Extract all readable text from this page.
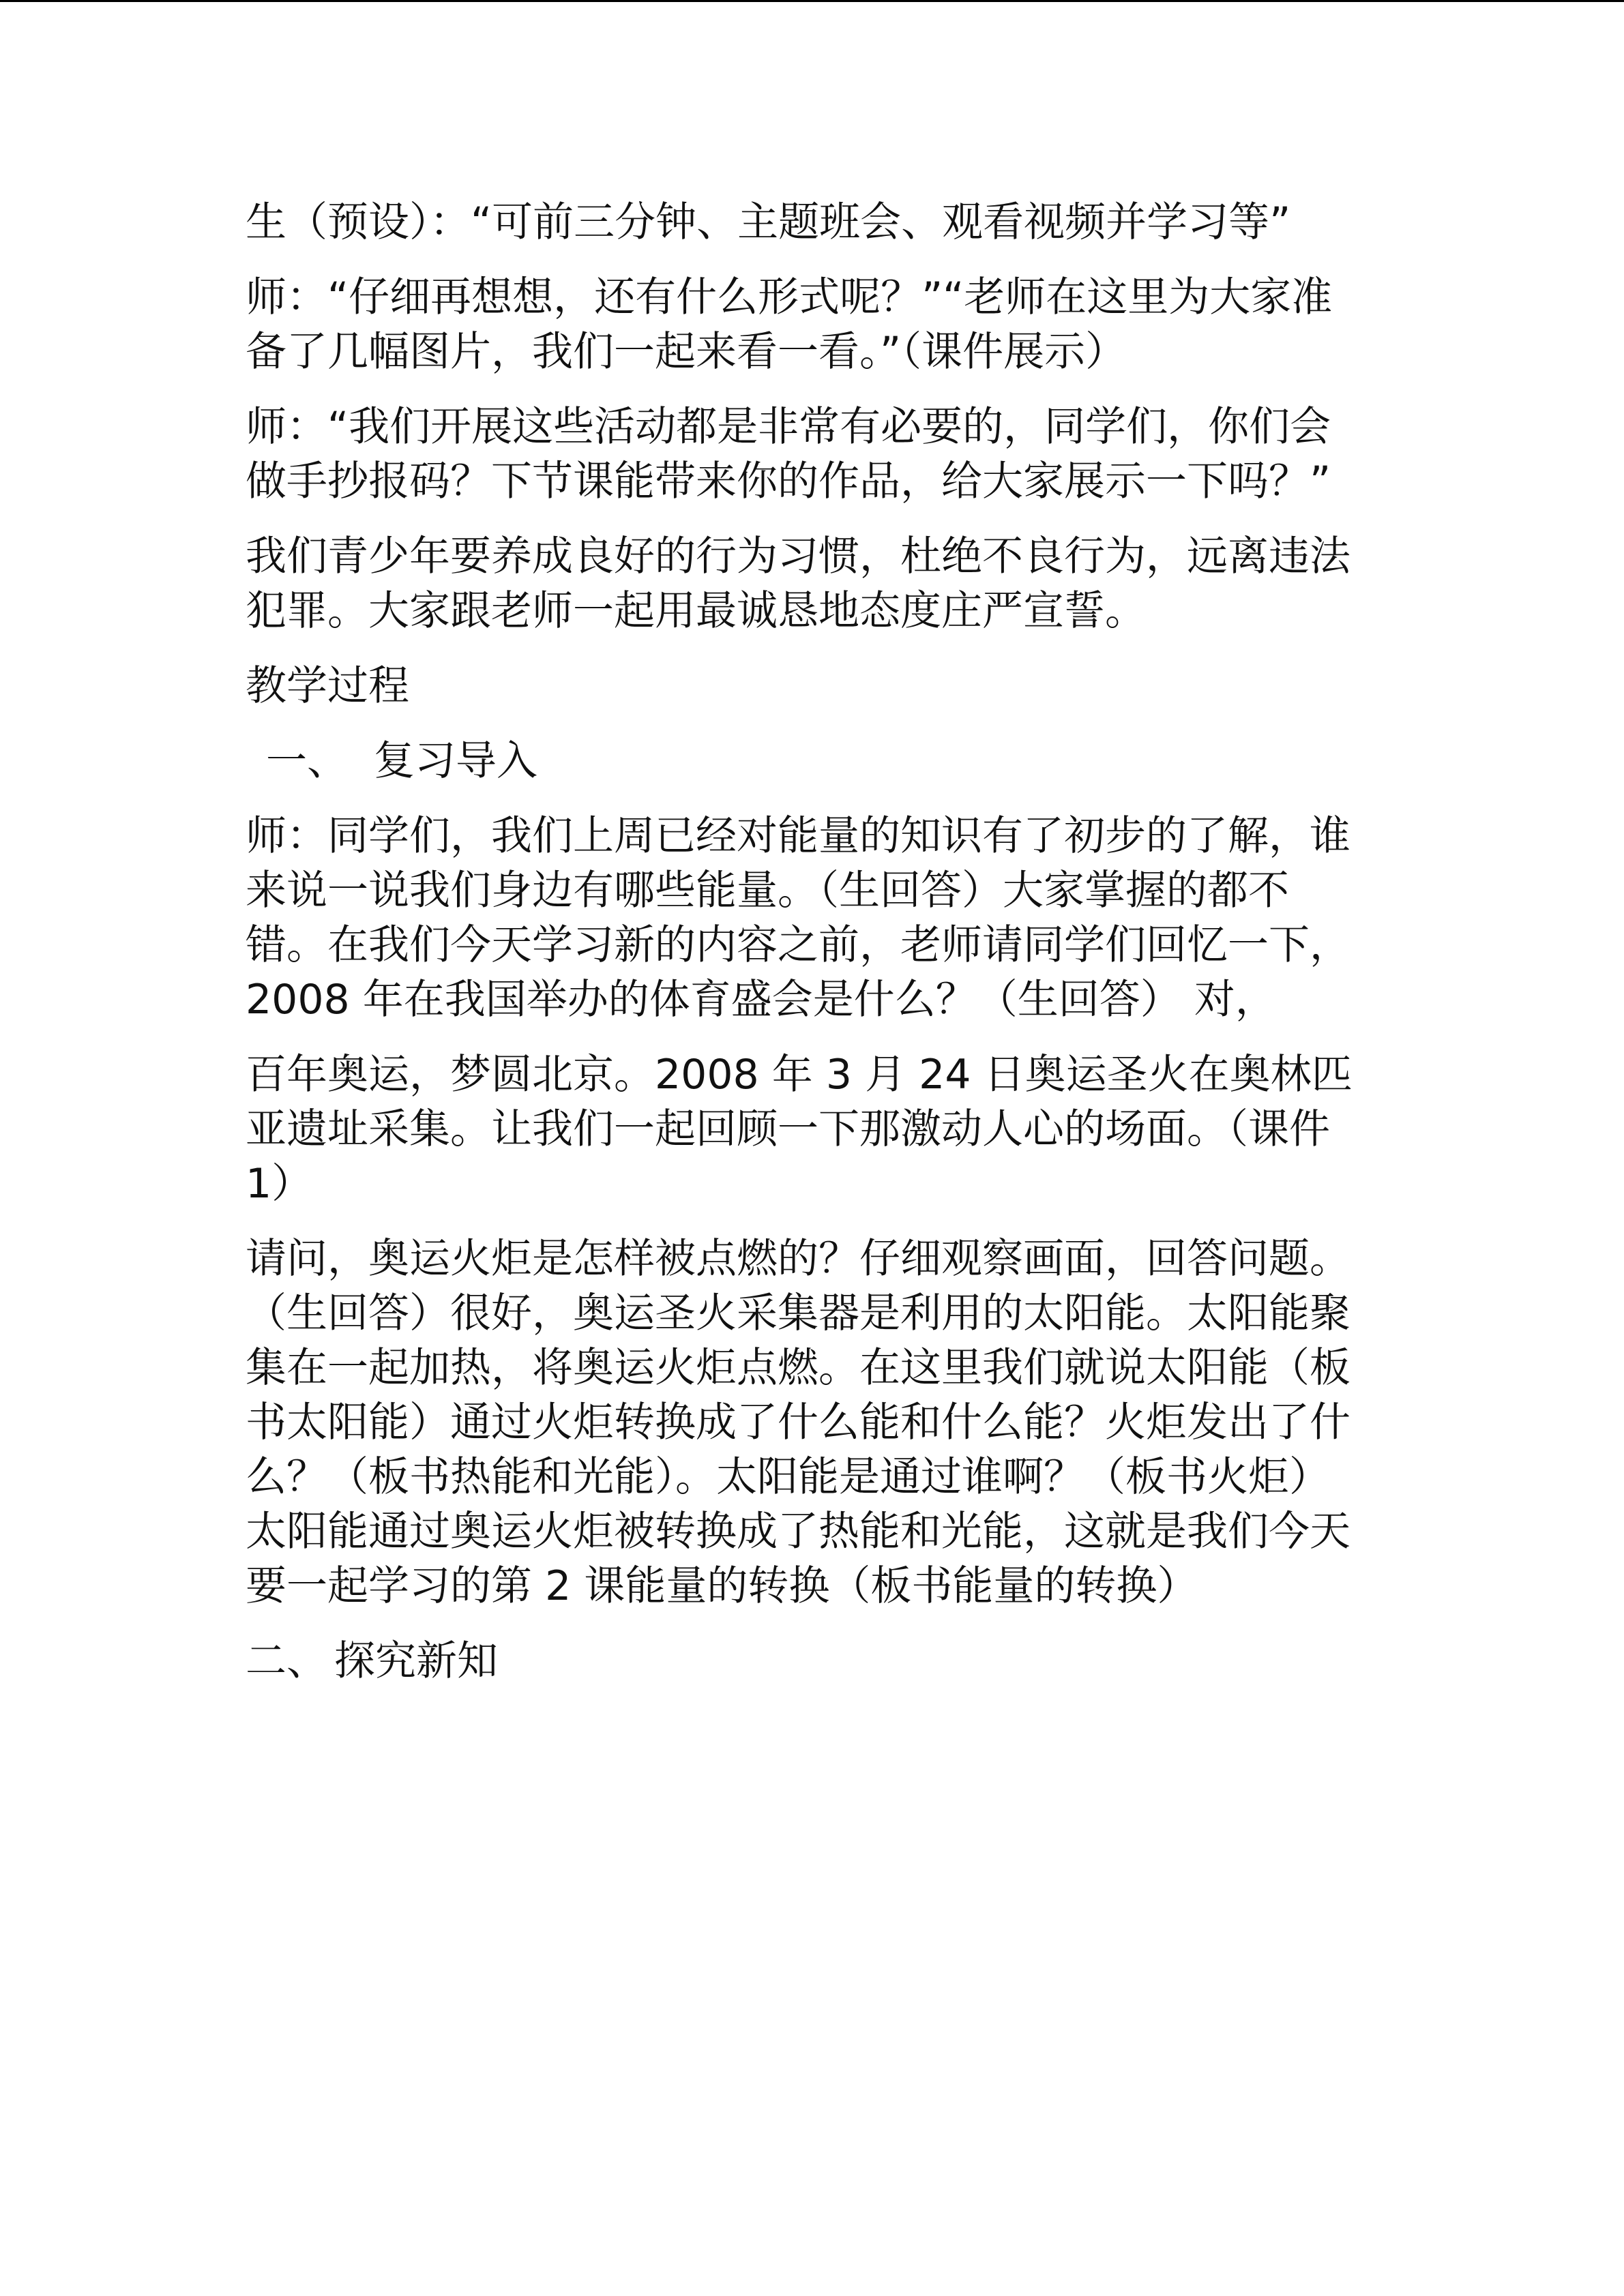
生（预设）：“可前三分钟、主题班会、观看视频并学习等”

师：“仔细再想想，还有什么形式呢？”“老师在这里为大家准备了几幅图片，我们一起来看一看。”（课件展示）

师：“我们开展这些活动都是非常有必要的，同学们，你们会做手抄报码？下节课能带来你的作品，给大家展示一下吗？”

我们青少年要养成良好的行为习惯，杜绝不良行为，远离违法犯罪。大家跟老师一起用最诚恳地态度庄严宣誓。

教学过程

一、 复习导入

师：同学们，我们上周已经对能量的知识有了初步的了解，谁来说一说我们身边有哪些能量。（生回答）大家掌握的都不错。在我们今天学习新的内容之前，老师请同学们回忆一下，2008 年在我国举办的体育盛会是什么？（生回答） 对，

百年奥运，梦圆北京。2008 年 3 月 24 日奥运圣火在奥林匹亚遗址采集。让我们一起回顾一下那激动人心的场面。（课件 1）

请问，奥运火炬是怎样被点燃的？仔细观察画面，回答问题。（生回答）很好，奥运圣火采集器是利用的太阳能。太阳能聚集在一起加热，将奥运火炬点燃。在这里我们就说太阳能（板书太阳能）通过火炬转换成了什么能和什么能？火炬发出了什么？（板书热能和光能）。太阳能是通过谁啊？（板书火炬）太阳能通过奥运火炬被转换成了热能和光能，这就是我们今天要一起学习的第 2 课能量的转换（板书能量的转换）

二、 探究新知
